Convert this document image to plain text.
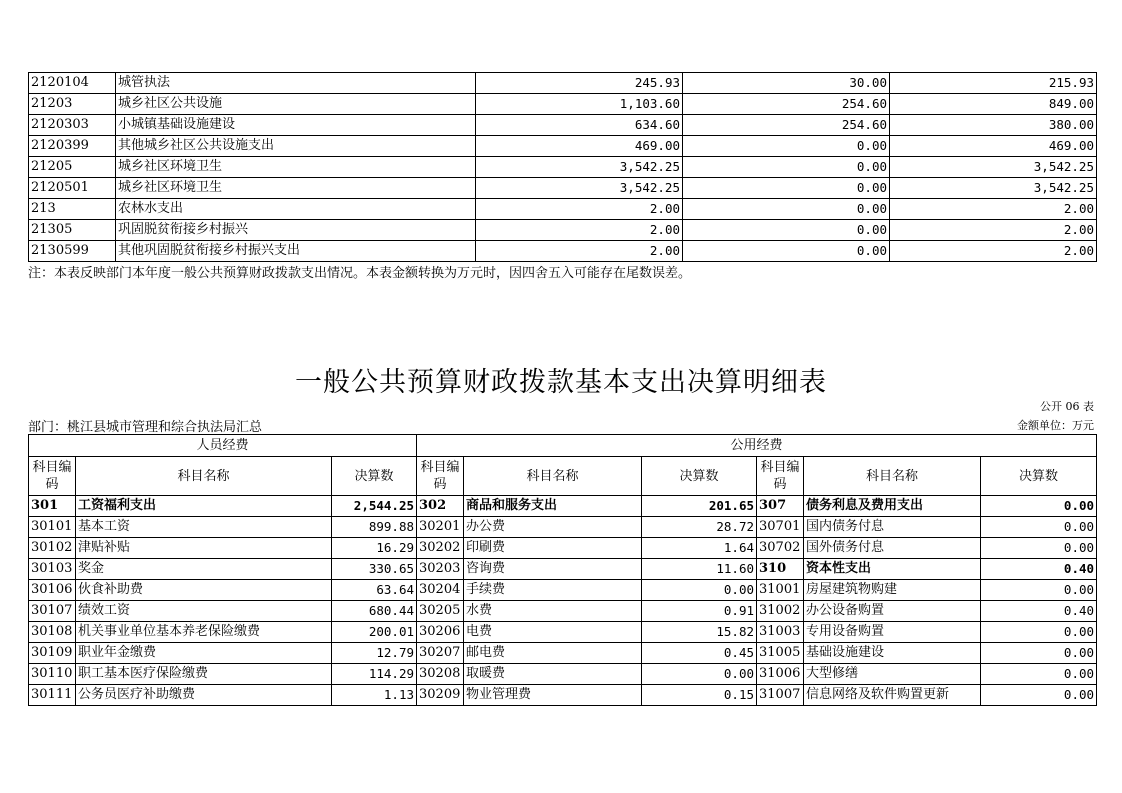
2120104	城管执法	245.93	30.00	215.93
21203	城乡社区公共设施	1,103.60	254.60	849.00
2120303	小城镇基础设施建设	634.60	254.60	380.00
2120399	其他城乡社区公共设施支出	469.00	0.00	469.00
21205	城乡社区环境卫生	3,542.25	0.00	3,542.25
2120501	城乡社区环境卫生	3,542.25	0.00	3,542.25
213	农林水支出	2.00	0.00	2.00
21305	巩固脱贫衔接乡村振兴	2.00	0.00	2.00
2130599	其他巩固脱贫衔接乡村振兴支出	2.00	0.00	2.00
注：本表反映部门本年度一般公共预算财政拨款支出情况。本表金额转换为万元时，因四舍五入可能存在尾数误差。
一般公共预算财政拨款基本支出决算明细表
公开 06 表
部门：桃江县城市管理和综合执法局汇总	金额单位：万元
人员经费			公用经费					
科目编码	科目名称	决算数	科目编码	科目名称	决算数	科目编码	科目名称	决算数
301	工资福利支出	2,544.25	302	商品和服务支出	201.65	307	债务利息及费用支出	0.00
30101	基本工资	899.88	30201	办公费	28.72	30701	国内债务付息	0.00
30102	津贴补贴	16.29	30202	印刷费	1.64	30702	国外债务付息	0.00
30103	奖金	330.65	30203	咨询费	11.60	310	资本性支出	0.40
30106	伙食补助费	63.64	30204	手续费	0.00	31001	房屋建筑物购建	0.00
30107	绩效工资	680.44	30205	水费	0.91	31002	办公设备购置	0.40
30108	机关事业单位基本养老保险缴费	200.01	30206	电费	15.82	31003	专用设备购置	0.00
30109	职业年金缴费	12.79	30207	邮电费	0.45	31005	基础设施建设	0.00
30110	职工基本医疗保险缴费	114.29	30208	取暖费	0.00	31006	大型修缮	0.00
30111	公务员医疗补助缴费	1.13	30209	物业管理费	0.15	31007	信息网络及软件购置更新	0.00
